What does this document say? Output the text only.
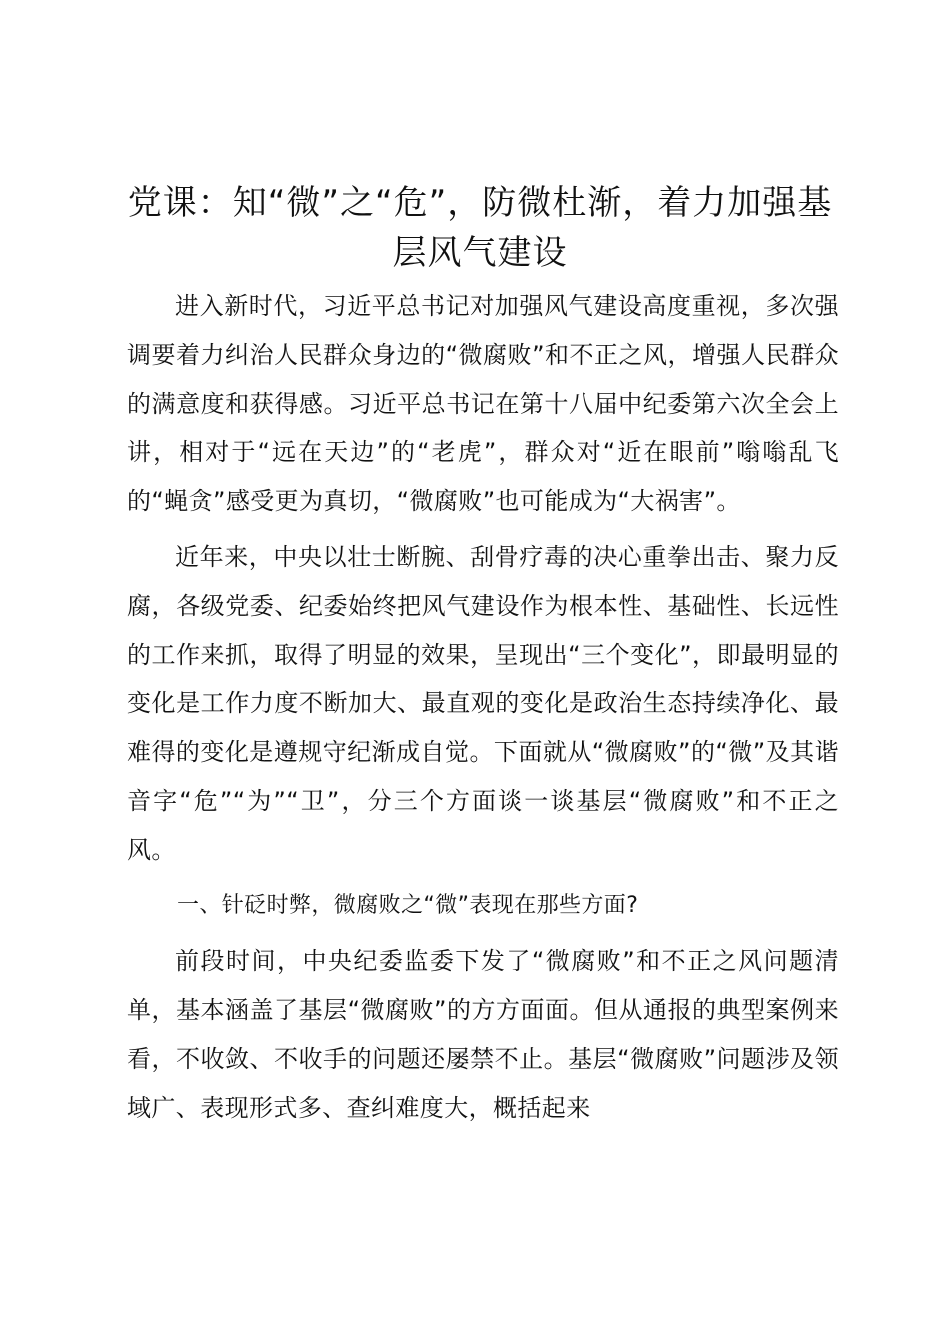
党课：知“微”之“危”，防微杜渐，着力加强基层风气建设

进入新时代，习近平总书记对加强风气建设高度重视，多次强调要着力纠治人民群众身边的“微腐败”和不正之风，增强人民群众的满意度和获得感。习近平总书记在第十八届中纪委第六次全会上讲，相对于“远在天边”的“老虎”，群众对“近在眼前”嗡嗡乱飞的“蝇贪”感受更为真切，“微腐败”也可能成为“大祸害”。

近年来，中央以壮士断腕、刮骨疗毒的决心重拳出击、聚力反腐，各级党委、纪委始终把风气建设作为根本性、基础性、长远性的工作来抓，取得了明显的效果，呈现出“三个变化”，即最明显的变化是工作力度不断加大、最直观的变化是政治生态持续净化、最难得的变化是遵规守纪渐成自觉。下面就从“微腐败”的“微”及其谐音字“危”“为”“卫”，分三个方面谈一谈基层“微腐败”和不正之风。

一、针砭时弊，微腐败之“微”表现在那些方面?

前段时间，中央纪委监委下发了“微腐败”和不正之风问题清单，基本涵盖了基层“微腐败”的方方面面。但从通报的典型案例来看，不收敛、不收手的问题还屡禁不止。基层“微腐败”问题涉及领域广、表现形式多、查纠难度大，概括起来
